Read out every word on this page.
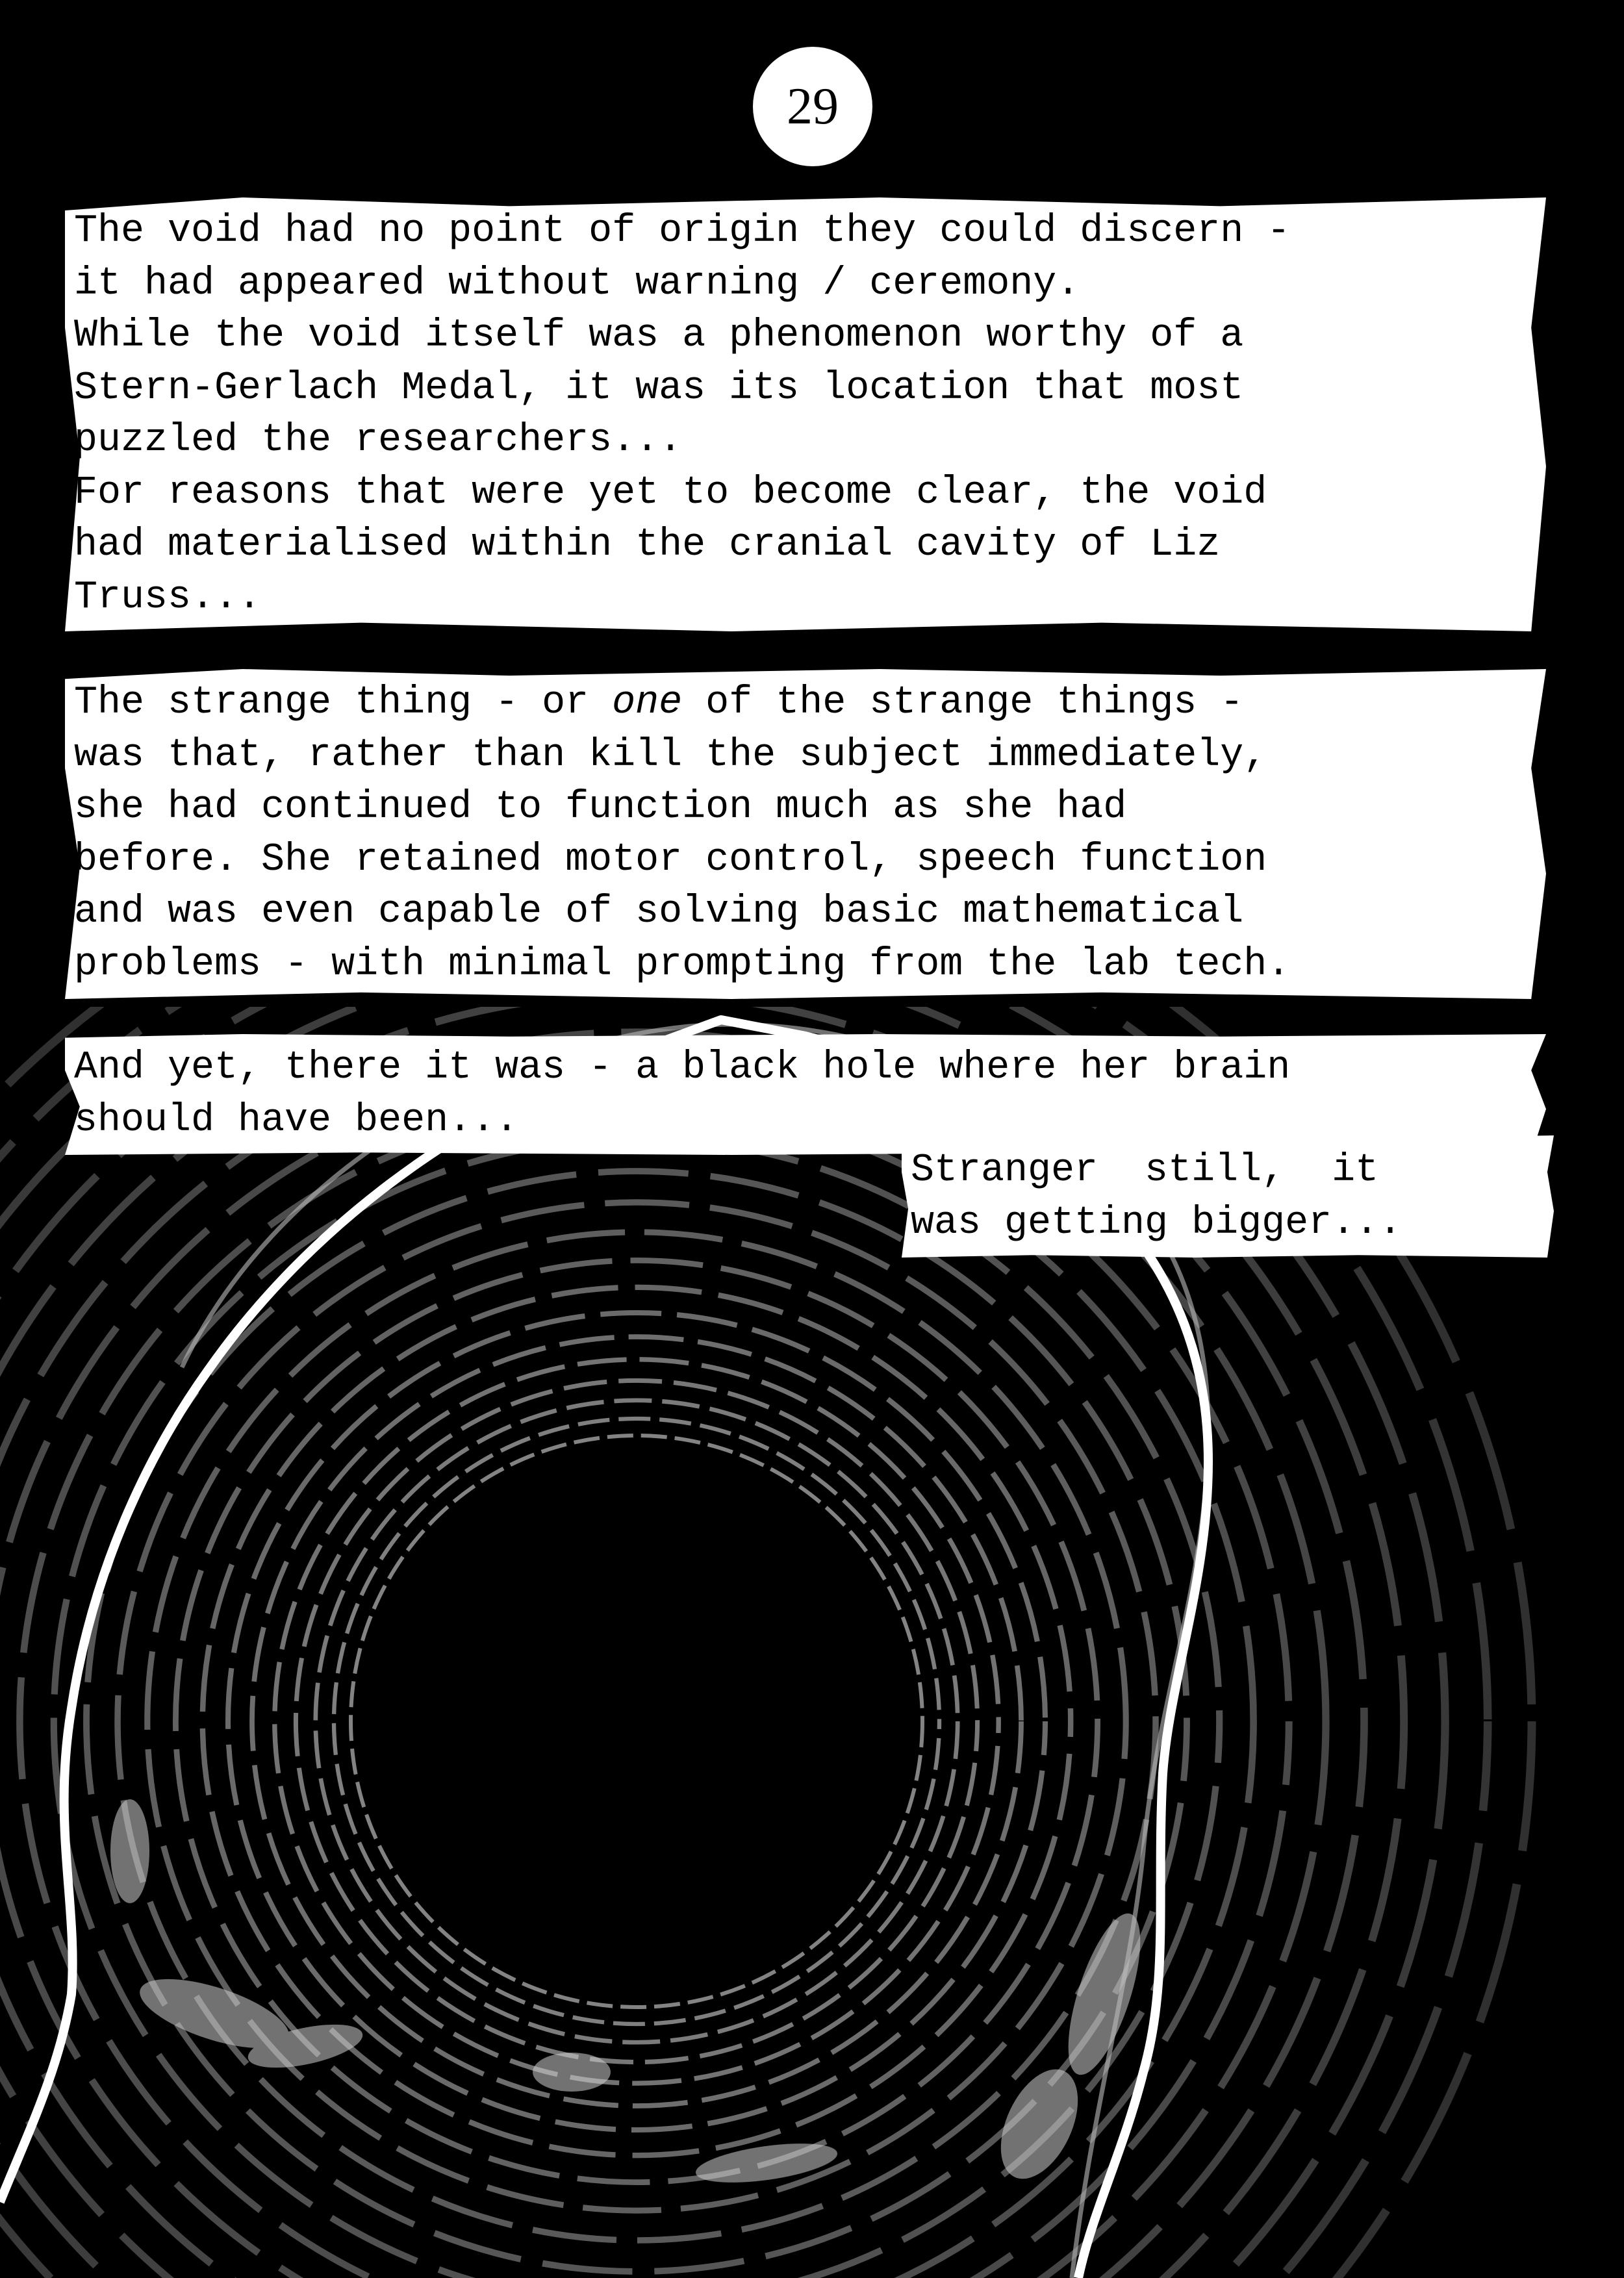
29
The void had no point of origin they could discern -
it had appeared without warning / ceremony.
While the void itself was a phenomenon worthy of a
Stern-Gerlach Medal, it was its location that most
puzzled the researchers...
For reasons that were yet to become clear, the void
had materialised within the cranial cavity of Liz
Truss...
The strange thing - or one of the strange things -
was that, rather than kill the subject immediately,
she had continued to function much as she had
before. She retained motor control, speech function
and was even capable of solving basic mathematical
problems - with minimal prompting from the lab tech.
And yet, there it was - a black hole where her brain
should have been...
Stranger  still,  it
was getting bigger...
